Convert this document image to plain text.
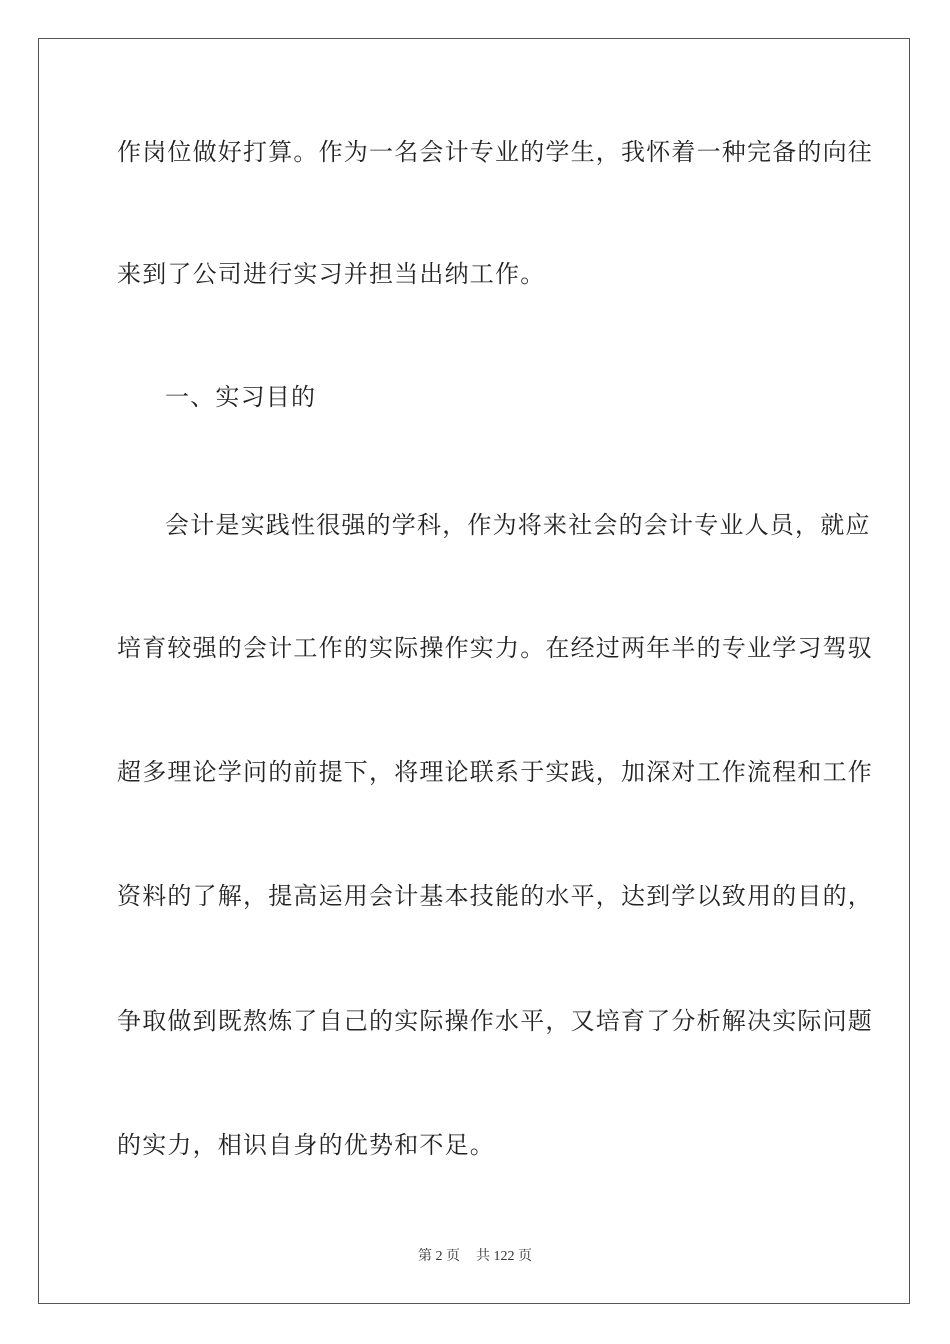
作岗位做好打算。作为一名会计专业的学生，我怀着一种完备的向往
来到了公司进行实习并担当出纳工作。
一、实习目的
会计是实践性很强的学科，作为将来社会的会计专业人员，就应
培育较强的会计工作的实际操作实力。在经过两年半的专业学习驾驭
超多理论学问的前提下，将理论联系于实践，加深对工作流程和工作
资料的了解，提高运用会计基本技能的水平，达到学以致用的目的，
争取做到既熬炼了自己的实际操作水平，又培育了分析解决实际问题
的实力，相识自身的优势和不足。
第 2 页 共 122 页
